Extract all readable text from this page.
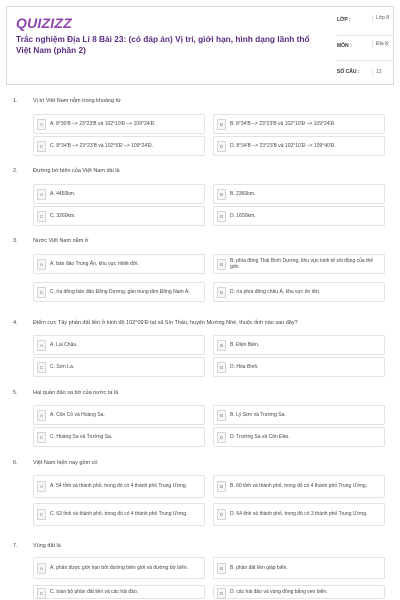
QUIZIZZ
Trắc nghiệm Địa Lí 8 Bài 23: (có đáp án) Vị trí, giới hạn, hình dạng lãnh thổ Việt Nam (phần 2)
LỚP :	Lớp 8
MÔN :	Địa lý
SỐ CÂU :	13
1.	Vị trí Việt Nam nằm trong khoảng từ
A	A. 8°30'B –> 23°23'B và 102°10'Đ –> 109°24'Đ.	B	B. 8°34'B –> 23°23'B và 102°10'Đ –> 109°24'Đ.
C	C. 8°34'B –> 23°23'B và 102°5'Đ –> 109°24'Đ.	D	D. 8°34'B –> 23°23'B và 102°10'Đ –> 109°40'Đ.
2.	Đường bờ biển của Việt Nam dài là
A	A. 4450km.	B	B. 2360km.
C	C. 3260km.	D	D. 1650km.
3.	Nước Việt Nam nằm ở
A	A. bán đảo Trung Ấn, khu vực nhiệt đới.	B
B. phía đông Thái Bình Dương, khu vực kinh tế sôi động của thế giới.
C	C. rìa đông bán đảo Đông Dương, gần trung tâm Đông Nam Á.	D	D. rìa phía đông châu Á, khu vực ôn đới.
4.	Điểm cực Tây phần đất liền ở kinh độ 102°09'Đ tại xã Sín Thầu, huyện Mường Nhé, thuộc tỉnh nào sau đây?
A	A. Lai Châu.	B	B. Điện Biên.
C	C. Sơn La.	D	D. Hòa Bình.
5.	Hai quần đảo xa bờ của nước ta là
A	A. Côn Cỏ và Hoàng Sa.	B	B. Lý Sơn và Trường Sa.
C	C. Hoàng Sa và Trường Sa.	D	D. Trường Sa và Côn Đảo.
6.	Việt Nam hiện nay gồm có
A	A. 54 tỉnh và thành phố, trong đó có 4 thành phố Trung Ương.	B	B. 60 tỉnh và thành phố, trong đó có 4 thành phố Trung Ương.
C	C. 63 tỉnh và thành phố, trong đó có 4 thành phố Trung Ương.	D	D. 64 tỉnh và thành phố, trong đó có 3 thành phố Trung Ương.
7.	Vùng đất là
A	A. phần được giới hạn bởi đường biên giới và đường bờ biển.	B	B. phần đất liền giáp biển.
C	C. toàn bộ phần đất liền và các hải đảo.	D	D. các hải đảo và vùng đồng bằng ven biển.
